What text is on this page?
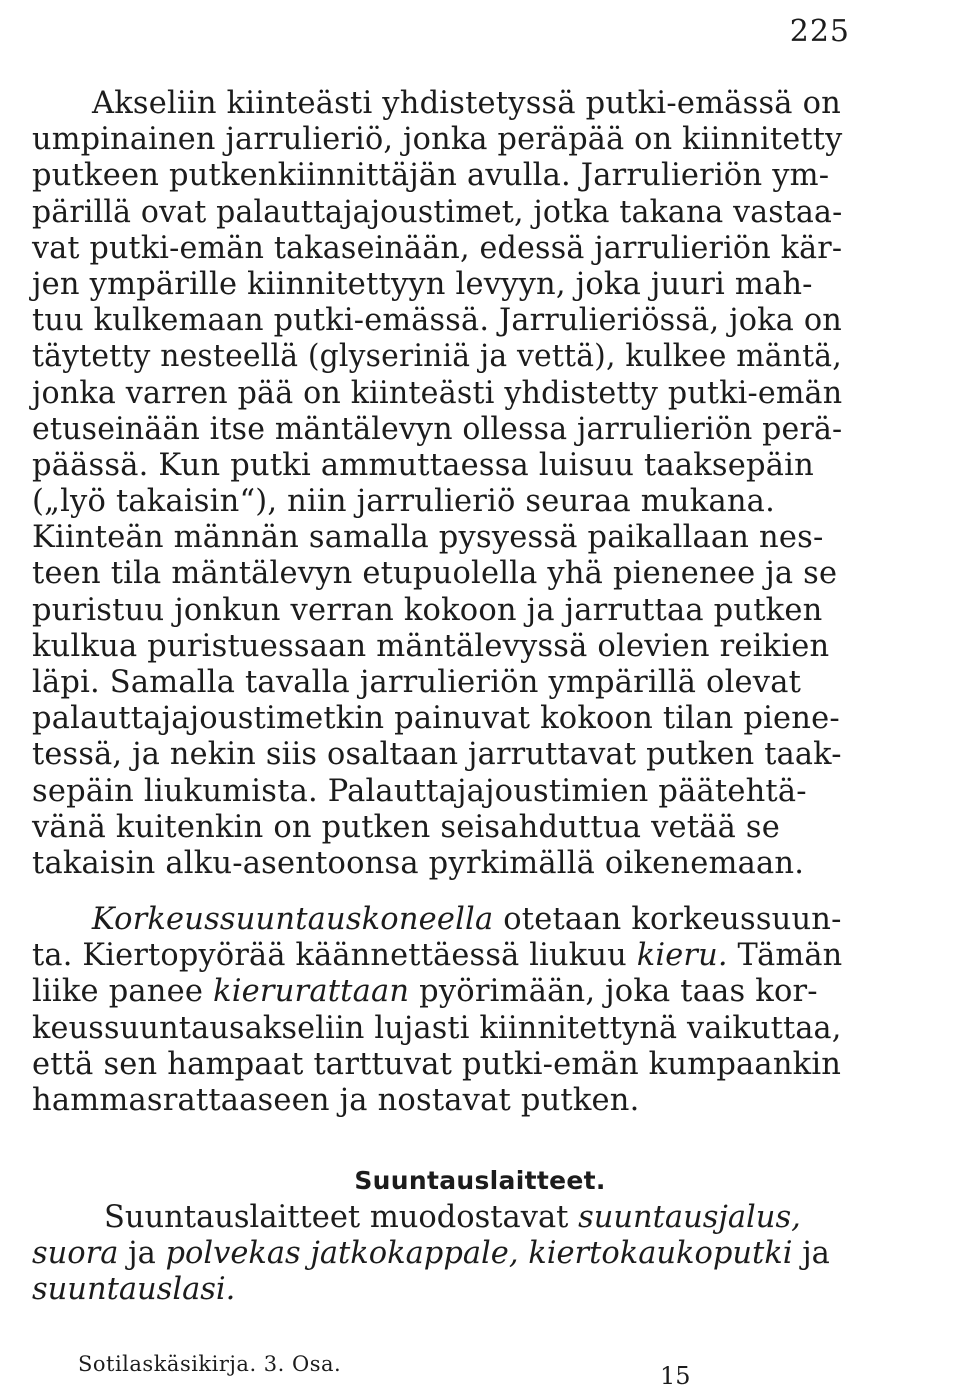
225
Akseliin kiinteästi yhdistetyssä putki-emässä on
umpinainen jarrulieriö, jonka peräpää on kiinnitetty
putkeen putkenkiinnittäjän avulla. Jarrulieriön ym-
pärillä ovat palauttajajoustimet, jotka takana vastaa-
vat putki-emän takaseinään, edessä jarrulieriön kär-
jen ympärille kiinnitettyyn levyyn, joka juuri mah-
tuu kulkemaan putki-emässä. Jarrulieriössä, joka on
täytetty nesteellä (glyseriniä ja vettä), kulkee mäntä,
jonka varren pää on kiinteästi yhdistetty putki-emän
etuseinään itse mäntälevyn ollessa jarrulieriön perä-
päässä. Kun putki ammuttaessa luisuu taaksepäin
(„lyö takaisin“), niin jarrulieriö seuraa mukana.
Kiinteän männän samalla pysyessä paikallaan nes-
teen tila mäntälevyn etupuolella yhä pienenee ja se
puristuu jonkun verran kokoon ja jarruttaa putken
kulkua puristuessaan mäntälevyssä olevien reikien
läpi. Samalla tavalla jarrulieriön ympärillä olevat
palauttajajoustimetkin painuvat kokoon tilan piene-
tessä, ja nekin siis osaltaan jarruttavat putken taak-
sepäin liukumista. Palauttajajoustimien päätehtä-
vänä kuitenkin on putken seisahduttua vetää se
takaisin alku-asentoonsa pyrkimällä oikenemaan.
Korkeussuuntauskoneella otetaan korkeussuun-
ta. Kiertopyörää käännettäessä liukuu kieru. Tämän
liike panee kierurattaan pyörimään, joka taas kor-
keussuuntausakseliin lujasti kiinnitettynä vaikuttaa,
että sen hampaat tarttuvat putki-emän kumpaankin
hammasrattaaseen ja nostavat putken.
Suuntauslaitteet.
Suuntauslaitteet muodostavat suuntausjalus,
suora ja polvekas jatkokappale, kiertokaukoputki ja
suuntauslasi.
Sotilaskäsikirja. 3. Osa.	15
